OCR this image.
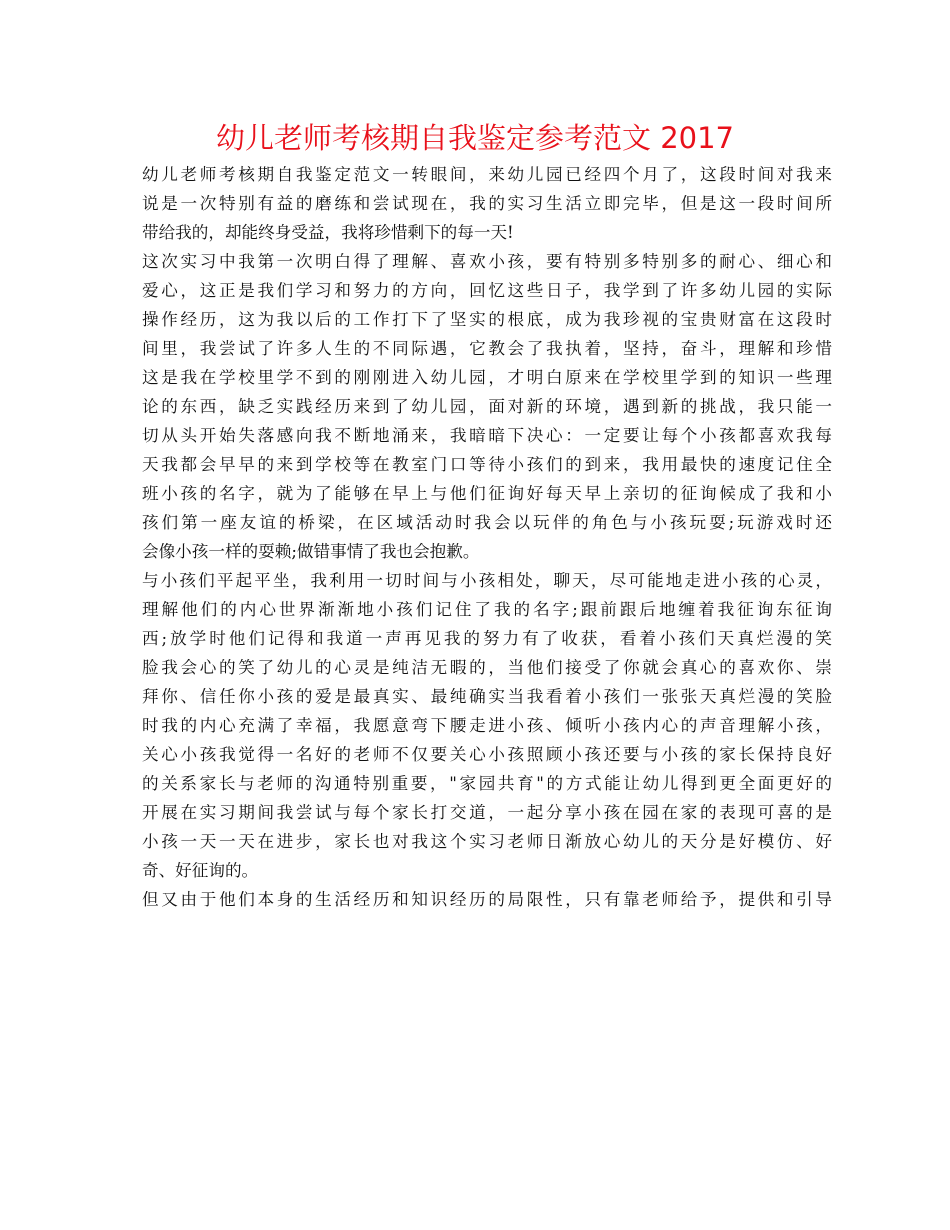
幼儿老师考核期自我鉴定参考范文 2017
幼儿老师考核期自我鉴定范文一转眼间，来幼儿园已经四个月了，这段时间对我来
说是一次特别有益的磨练和尝试现在，我的实习生活立即完毕，但是这一段时间所
带给我的，却能终身受益，我将珍惜剩下的每一天!
这次实习中我第一次明白得了理解、喜欢小孩，要有特别多特别多的耐心、细心和
爱心，这正是我们学习和努力的方向，回忆这些日子，我学到了许多幼儿园的实际
操作经历，这为我以后的工作打下了坚实的根底，成为我珍视的宝贵财富在这段时
间里，我尝试了许多人生的不同际遇，它教会了我执着，坚持，奋斗，理解和珍惜
这是我在学校里学不到的刚刚进入幼儿园，才明白原来在学校里学到的知识一些理
论的东西，缺乏实践经历来到了幼儿园，面对新的环境，遇到新的挑战，我只能一
切从头开始失落感向我不断地涌来，我暗暗下决心：一定要让每个小孩都喜欢我每
天我都会早早的来到学校等在教室门口等待小孩们的到来，我用最快的速度记住全
班小孩的名字，就为了能够在早上与他们征询好每天早上亲切的征询候成了我和小
孩们第一座友谊的桥梁，在区域活动时我会以玩伴的角色与小孩玩耍;玩游戏时还
会像小孩一样的耍赖;做错事情了我也会抱歉。
与小孩们平起平坐，我利用一切时间与小孩相处，聊天，尽可能地走进小孩的心灵，
理解他们的内心世界渐渐地小孩们记住了我的名字;跟前跟后地缠着我征询东征询
西;放学时他们记得和我道一声再见我的努力有了收获，看着小孩们天真烂漫的笑
脸我会心的笑了幼儿的心灵是纯洁无暇的，当他们接受了你就会真心的喜欢你、崇
拜你、信任你小孩的爱是最真实、最纯确实当我看着小孩们一张张天真烂漫的笑脸
时我的内心充满了幸福，我愿意弯下腰走进小孩、倾听小孩内心的声音理解小孩，
关心小孩我觉得一名好的老师不仅要关心小孩照顾小孩还要与小孩的家长保持良好
的关系家长与老师的沟通特别重要，"家园共育"的方式能让幼儿得到更全面更好的
开展在实习期间我尝试与每个家长打交道，一起分享小孩在园在家的表现可喜的是
小孩一天一天在进步，家长也对我这个实习老师日渐放心幼儿的天分是好模仿、好
奇、好征询的。
但又由于他们本身的生活经历和知识经历的局限性，只有靠老师给予，提供和引导
